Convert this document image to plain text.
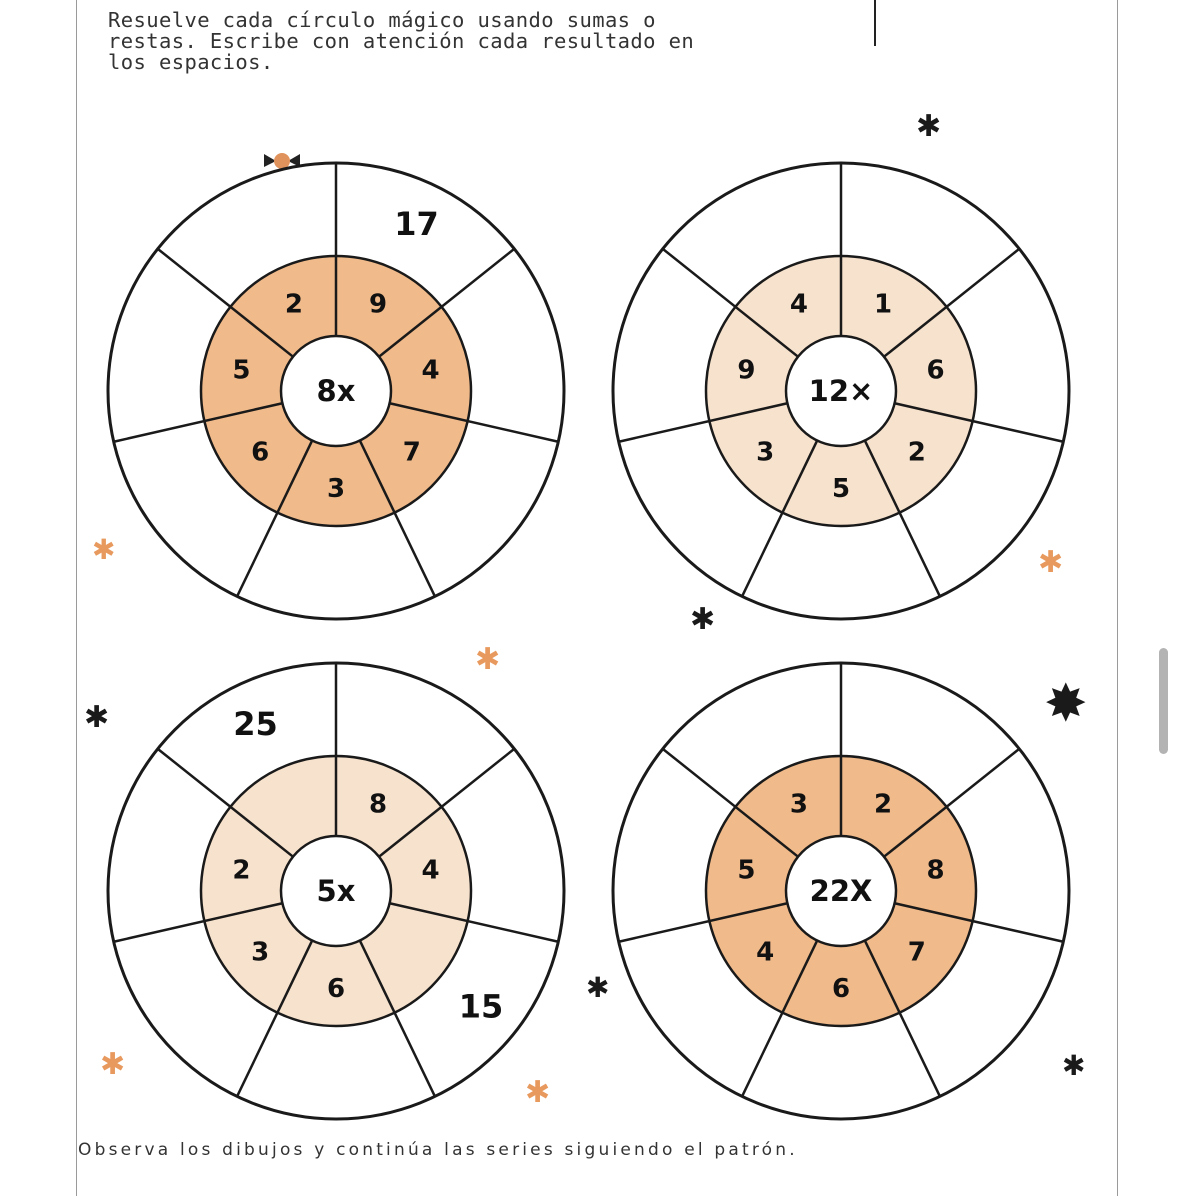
Resuelve cada círculo mágico usando sumas o
restas. Escribe con atención cada resultado en
los espacios.
8x
9
17
4
7
3
6
5
2
12×
1
6
2
5
3
9
4
5x
8
4
15
6
3
2
25
22X
2
8
7
6
4
5
3
✱
✱	✱
✱
✱
✱	✸
✱
✱
✱
✱
Observa los dibujos y continúa las series siguiendo el patrón.
